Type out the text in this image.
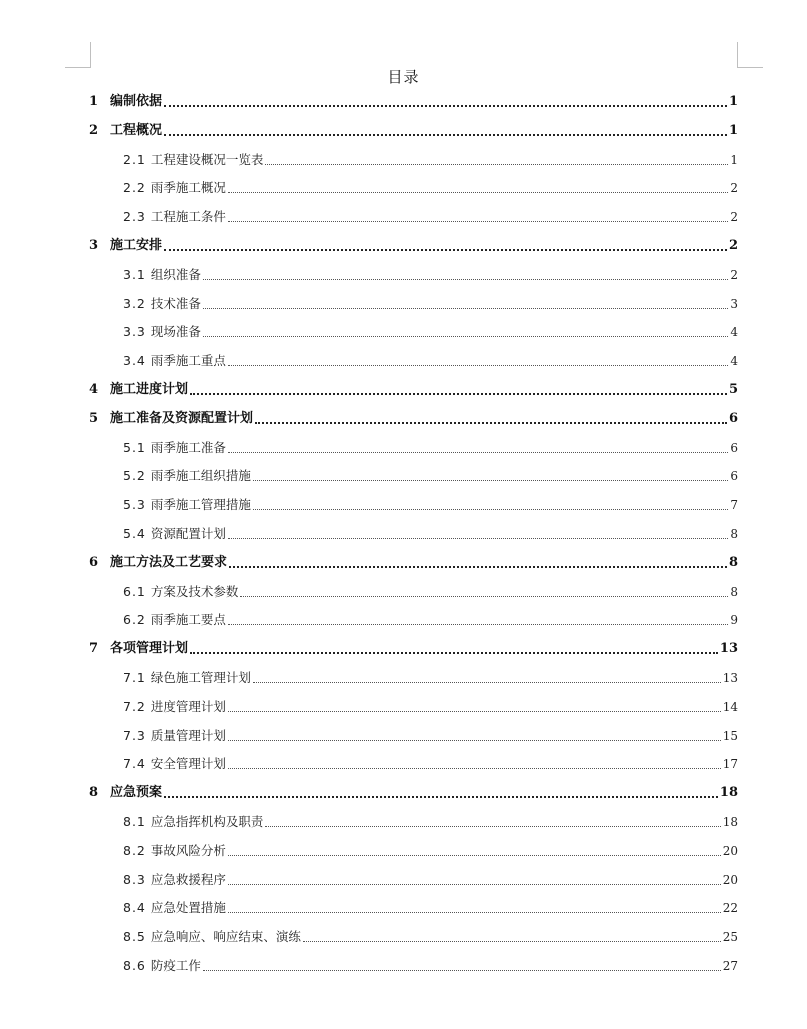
目录
1 编制依据	1
2 工程概况	1
2.1 工程建设概况一览表	1
2.2 雨季施工概况	2
2.3 工程施工条件	2
3 施工安排	2
3.1 组织准备	2
3.2 技术准备	3
3.3 现场准备	4
3.4 雨季施工重点	4
4 施工进度计划	5
5 施工准备及资源配置计划	6
5.1 雨季施工准备	6
5.2 雨季施工组织措施	6
5.3 雨季施工管理措施	7
5.4 资源配置计划	8
6 施工方法及工艺要求	8
6.1 方案及技术参数	8
6.2 雨季施工要点	9
7 各项管理计划	13
7.1 绿色施工管理计划	13
7.2 进度管理计划	14
7.3 质量管理计划	15
7.4 安全管理计划	17
8 应急预案	18
8.1 应急指挥机构及职责	18
8.2 事故风险分析	20
8.3 应急救援程序	20
8.4 应急处置措施	22
8.5 应急响应、响应结束、演练	25
8.6 防疫工作	27
